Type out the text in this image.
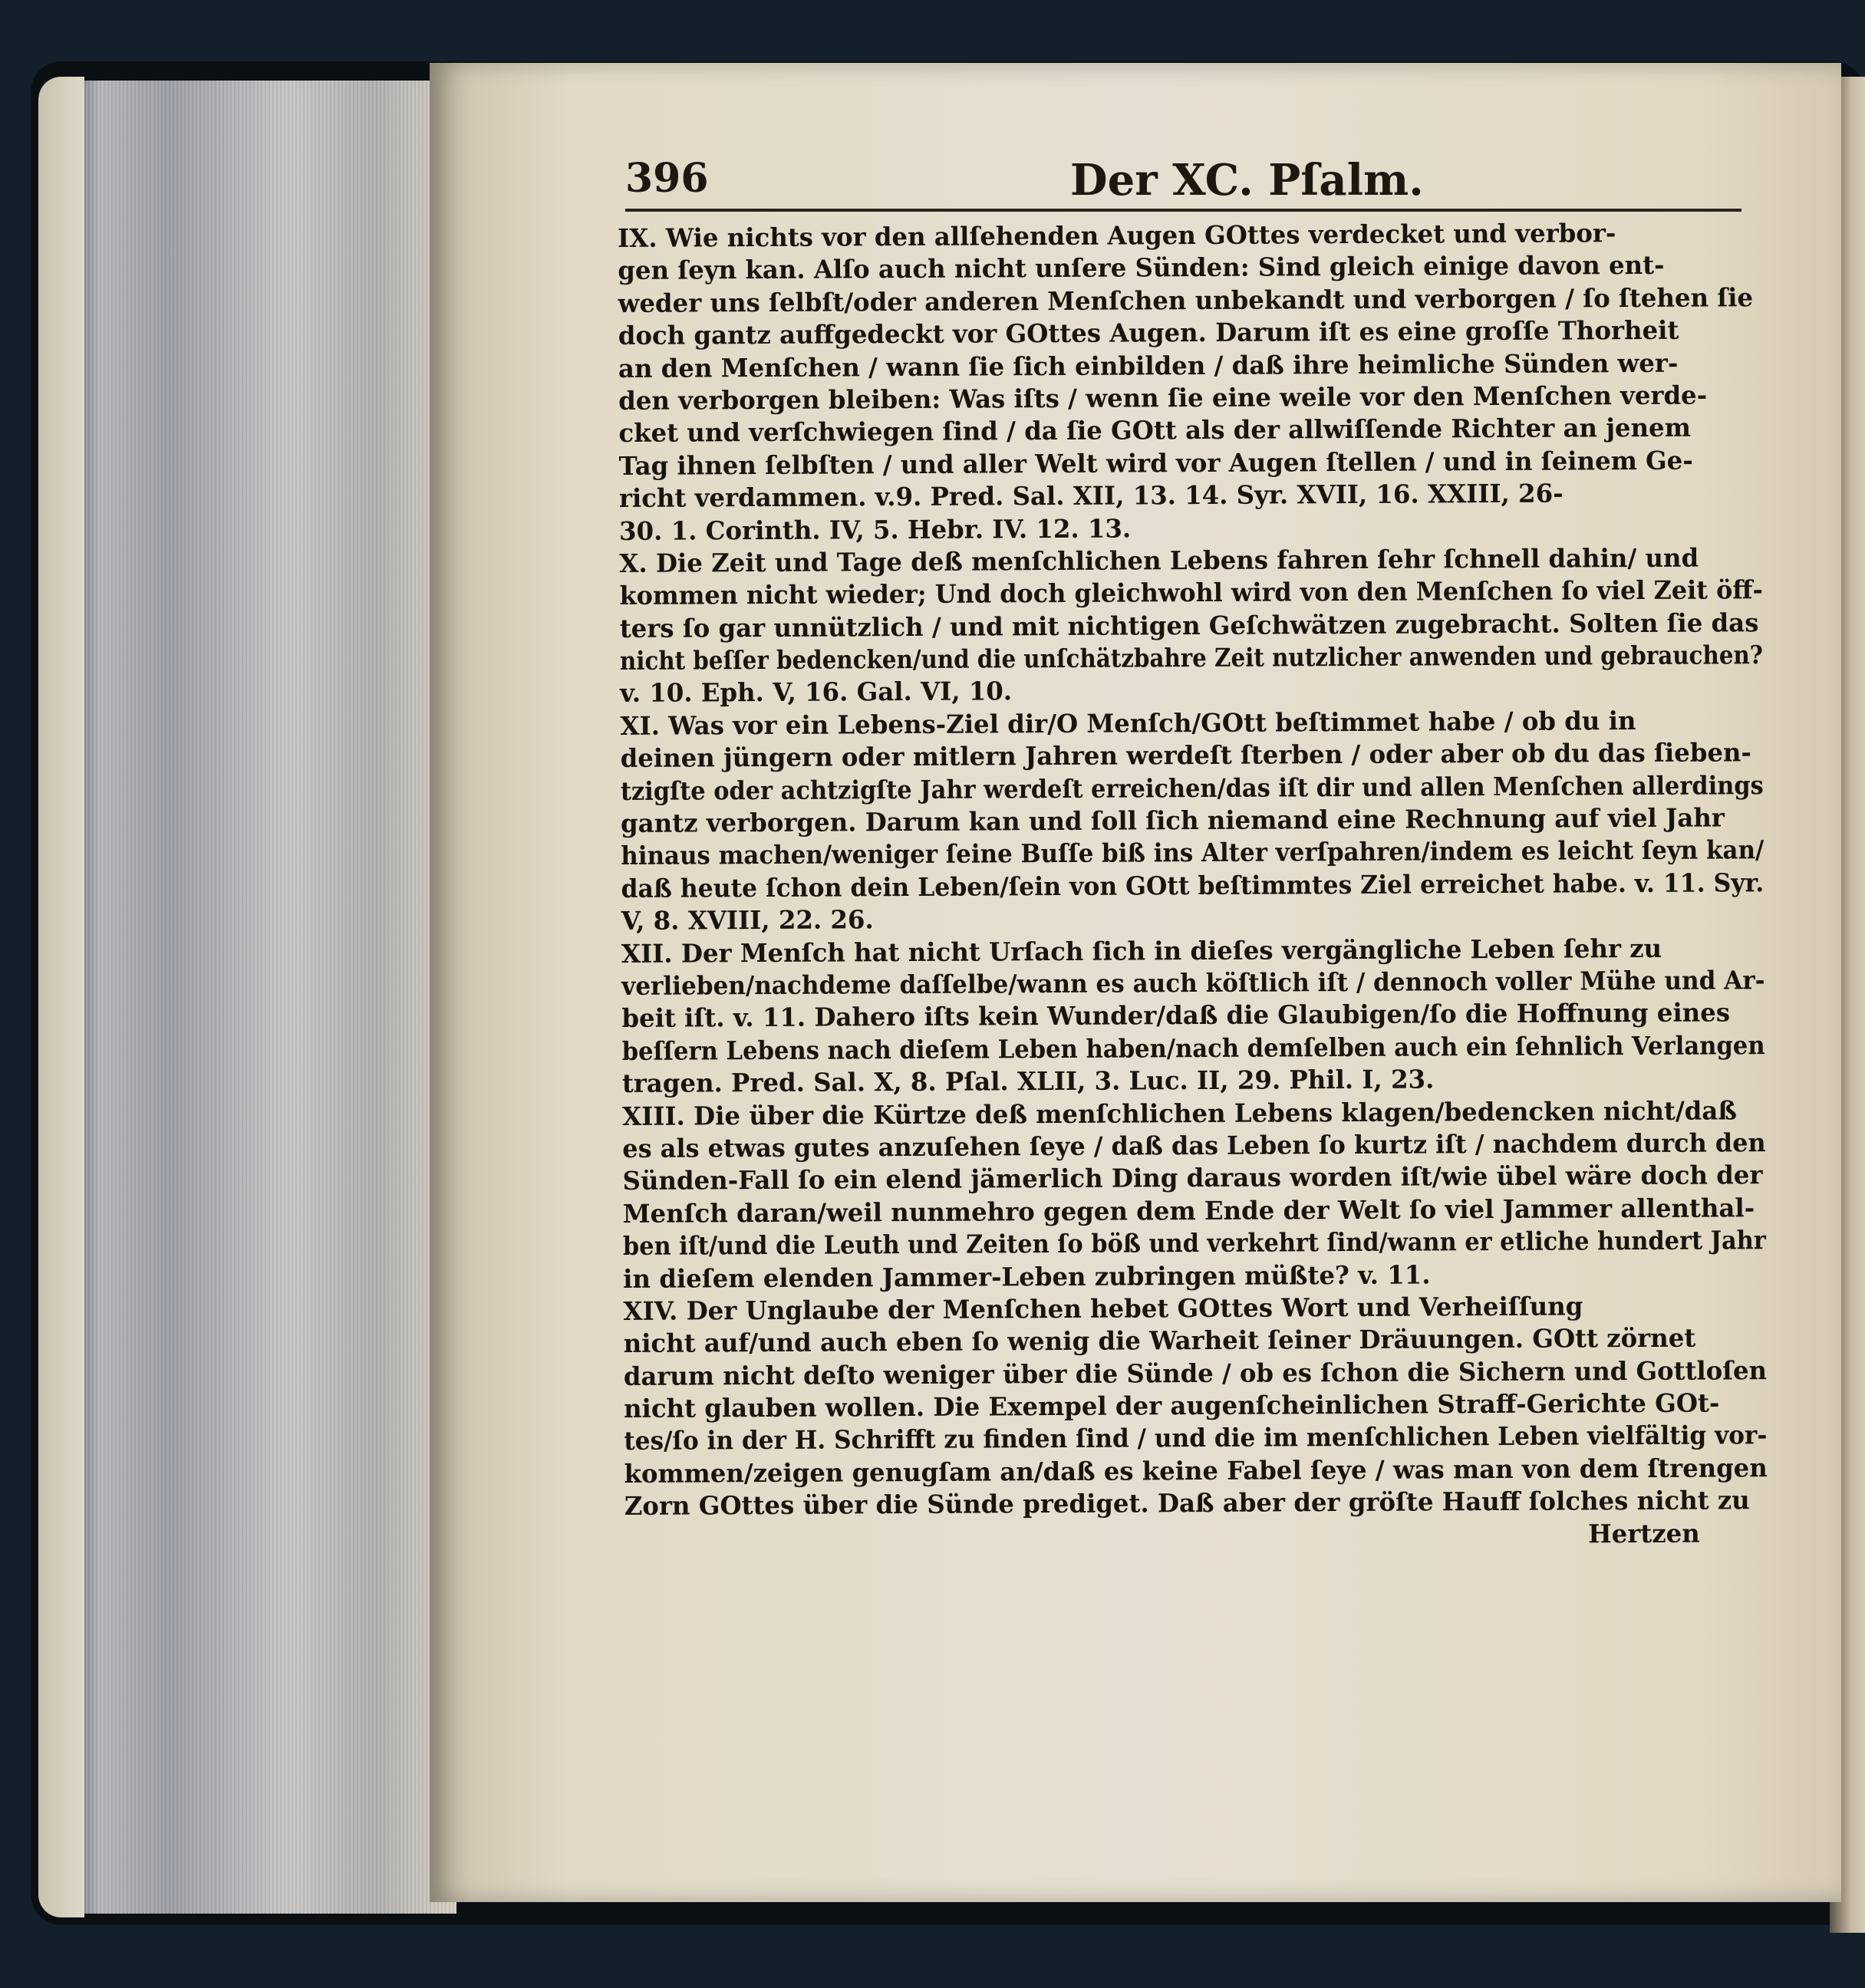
396	Der XC. Pſalm.
IX. Wie nichts vor den allſehenden Augen GOttes verdecket und verbor-
gen ſeyn kan. Alſo auch nicht unſere Sünden: Sind gleich einige davon ent-
weder uns ſelbſt/oder anderen Menſchen unbekandt und verborgen / ſo ſtehen ſie
doch gantz auffgedeckt vor GOttes Augen. Darum iſt es eine groſſe Thorheit
an den Menſchen / wann ſie ſich einbilden / daß ihre heimliche Sünden wer-
den verborgen bleiben: Was iſts / wenn ſie eine weile vor den Menſchen verde-
cket und verſchwiegen ſind / da ſie GOtt als der allwiſſende Richter an jenem
Tag ihnen ſelbſten / und aller Welt wird vor Augen ſtellen / und in ſeinem Ge-
richt verdammen. v.9. Pred. Sal. XII, 13. 14. Syr. XVII, 16. XXIII, 26-
30. 1. Corinth. IV, 5. Hebr. IV. 12. 13.
X. Die Zeit und Tage deß menſchlichen Lebens fahren ſehr ſchnell dahin/ und
kommen nicht wieder; Und doch gleichwohl wird von den Menſchen ſo viel Zeit öff-
ters ſo gar unnützlich / und mit nichtigen Geſchwätzen zugebracht. Solten ſie das
nicht beſſer bedencken/und die unſchätzbahre Zeit nutzlicher anwenden und gebrauchen?
v. 10. Eph. V, 16. Gal. VI, 10.
XI. Was vor ein Lebens-Ziel dir/O Menſch/GOtt beſtimmet habe / ob du in
deinen jüngern oder mitlern Jahren werdeſt ſterben / oder aber ob du das ſieben-
tzigſte oder achtzigſte Jahr werdeſt erreichen/das iſt dir und allen Menſchen allerdings
gantz verborgen. Darum kan und ſoll ſich niemand eine Rechnung auf viel Jahr
hinaus machen/weniger ſeine Buſſe biß ins Alter verſpahren/indem es leicht ſeyn kan/
daß heute ſchon dein Leben/ſein von GOtt beſtimmtes Ziel erreichet habe. v. 11. Syr.
V, 8. XVIII, 22. 26.
XII. Der Menſch hat nicht Urſach ſich in dieſes vergängliche Leben ſehr zu
verlieben/nachdeme daſſelbe/wann es auch köſtlich iſt / dennoch voller Mühe und Ar-
beit iſt. v. 11. Dahero iſts kein Wunder/daß die Glaubigen/ſo die Hoffnung eines
beſſern Lebens nach dieſem Leben haben/nach demſelben auch ein ſehnlich Verlangen
tragen. Pred. Sal. X, 8. Pſal. XLII, 3. Luc. II, 29. Phil. I, 23.
XIII. Die über die Kürtze deß menſchlichen Lebens klagen/bedencken nicht/daß
es als etwas gutes anzuſehen ſeye / daß das Leben ſo kurtz iſt / nachdem durch den
Sünden-Fall ſo ein elend jämerlich Ding daraus worden iſt/wie übel wäre doch der
Menſch daran/weil nunmehro gegen dem Ende der Welt ſo viel Jammer allenthal-
ben iſt/und die Leuth und Zeiten ſo böß und verkehrt ſind/wann er etliche hundert Jahr
in dieſem elenden Jammer-Leben zubringen müßte? v. 11.
XIV. Der Unglaube der Menſchen hebet GOttes Wort und Verheiſſung
nicht auf/und auch eben ſo wenig die Warheit ſeiner Dräuungen. GOtt zörnet
darum nicht deſto weniger über die Sünde / ob es ſchon die Sichern und Gottloſen
nicht glauben wollen. Die Exempel der augenſcheinlichen Straff-Gerichte GOt-
tes/ſo in der H. Schrifft zu finden ſind / und die im menſchlichen Leben vielfältig vor-
kommen/zeigen genugſam an/daß es keine Fabel ſeye / was man von dem ſtrengen
Zorn GOttes über die Sünde prediget. Daß aber der gröſte Hauff ſolches nicht zu
Hertzen
